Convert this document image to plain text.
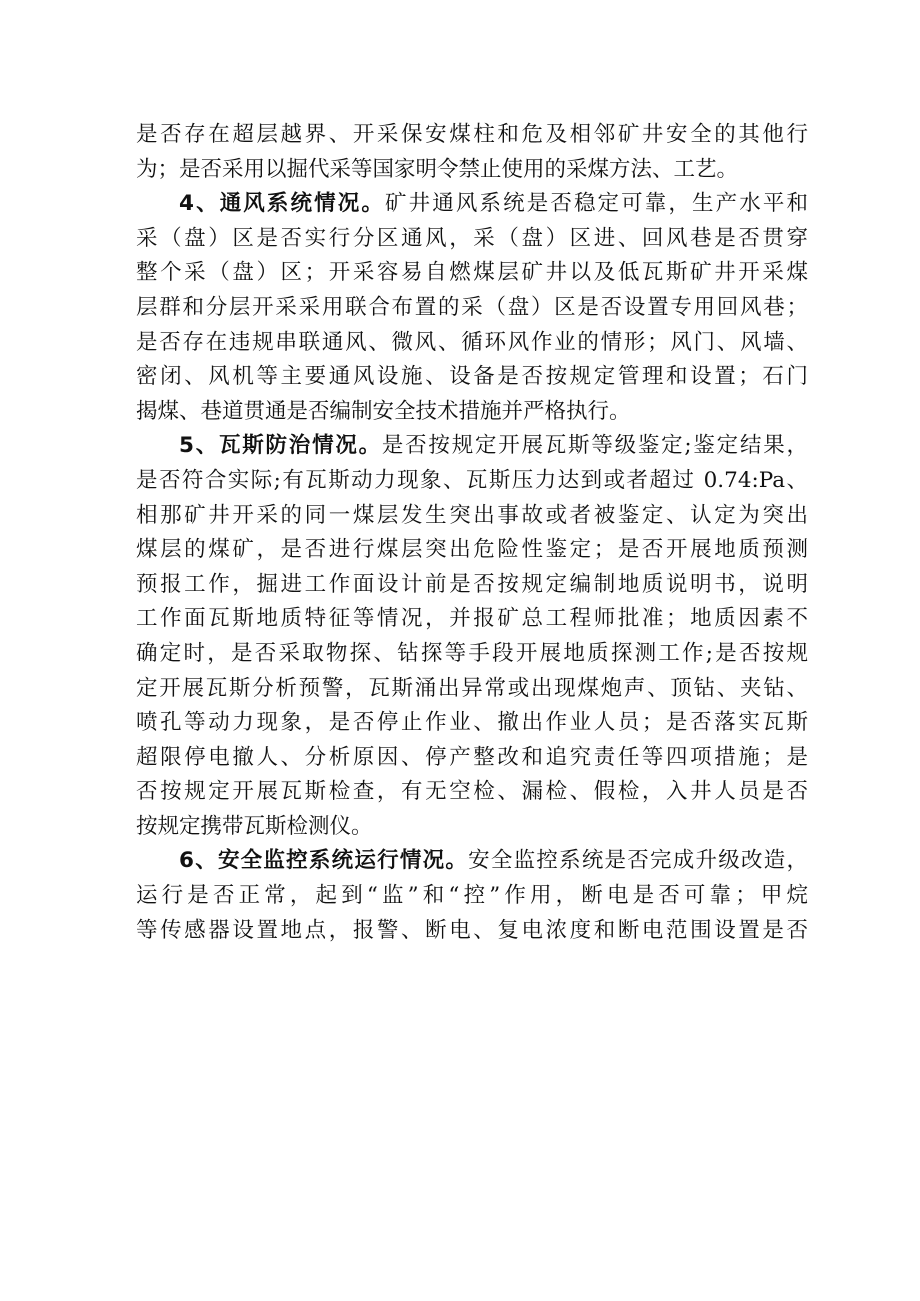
是否存在超层越界、开采保安煤柱和危及相邻矿井安全的其他行
为；是否采用以掘代采等国家明令禁止使用的采煤方法、工艺。
4、通风系统情况。矿井通风系统是否稳定可靠，生产水平和
采（盘）区是否实行分区通风，采（盘）区进、回风巷是否贯穿
整个采（盘）区；开采容易自燃煤层矿井以及低瓦斯矿井开采煤
层群和分层开采采用联合布置的采（盘）区是否设置专用回风巷；
是否存在违规串联通风、微风、循环风作业的情形；风门、风墙、
密闭、风机等主要通风设施、设备是否按规定管理和设置；石门
揭煤、巷道贯通是否编制安全技术措施并严格执行。
5、瓦斯防治情况。是否按规定开展瓦斯等级鉴定;鉴定结果，
是否符合实际;有瓦斯动力现象、瓦斯压力达到或者超过 0.74:Pa、
相那矿井开采的同一煤层发生突出事故或者被鉴定、认定为突出
煤层的煤矿，是否进行煤层突出危险性鉴定；是否开展地质预测
预报工作，掘进工作面设计前是否按规定编制地质说明书，说明
工作面瓦斯地质特征等情况，并报矿总工程师批准；地质因素不
确定时，是否采取物探、钻探等手段开展地质探测工作;是否按规
定开展瓦斯分析预警，瓦斯涌出异常或出现煤炮声、顶钻、夹钻、
喷孔等动力现象，是否停止作业、撤出作业人员；是否落实瓦斯
超限停电撤人、分析原因、停产整改和追究责任等四项措施；是
否按规定开展瓦斯检查，有无空检、漏检、假检，入井人员是否
按规定携带瓦斯检测仪。
6、安全监控系统运行情况。安全监控系统是否完成升级改造，
运行是否正常，起到“监”和“控”作用，断电是否可靠；甲烷
等传感器设置地点，报警、断电、复电浓度和断电范围设置是否
